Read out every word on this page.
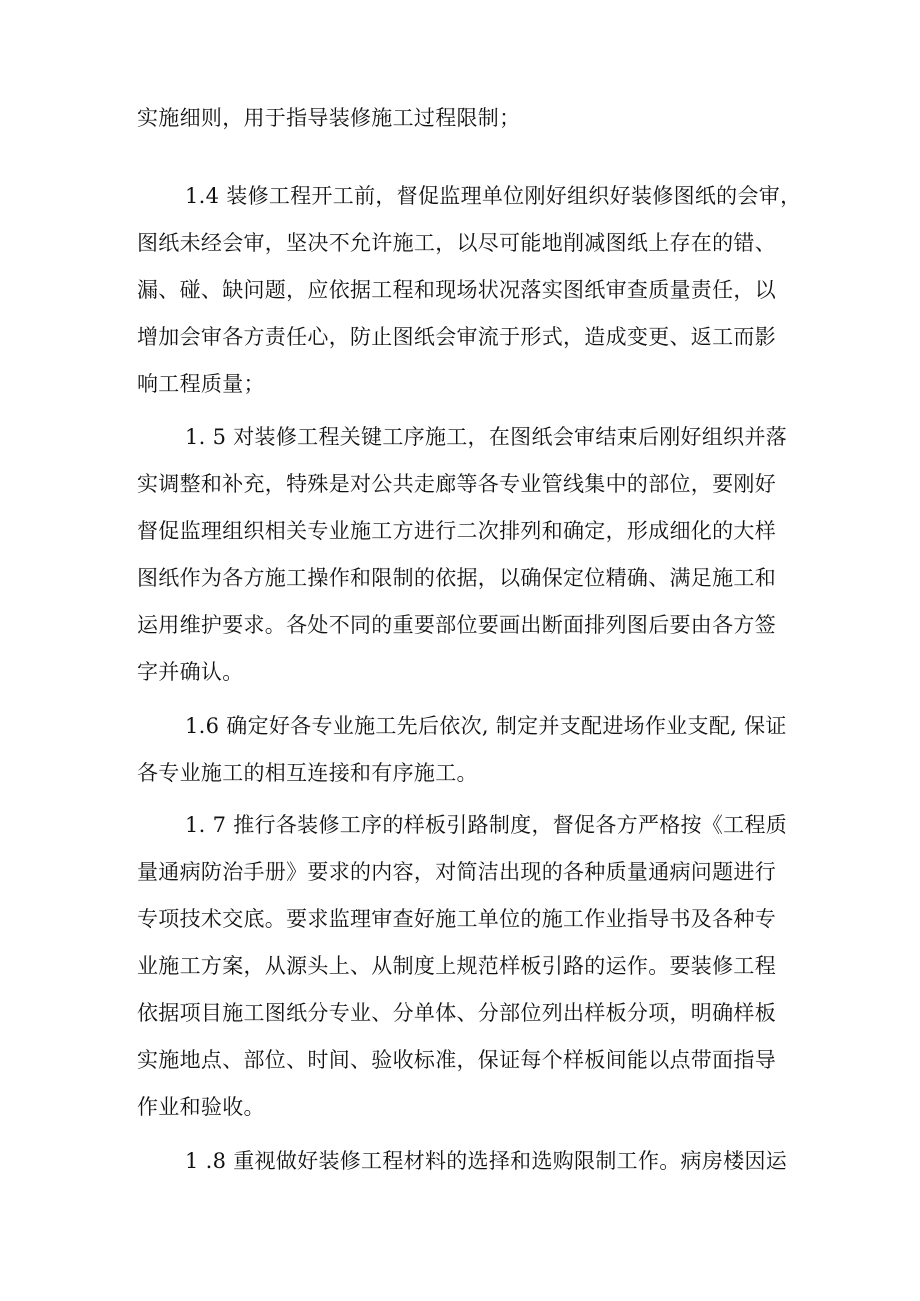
实施细则，用于指导装修施工过程限制；

1.4 装修工程开工前，督促监理单位刚好组织好装修图纸的会审，
图纸未经会审，坚决不允许施工，以尽可能地削减图纸上存在的错、
漏、碰、缺问题，应依据工程和现场状况落实图纸审查质量责任，以
增加会审各方责任心，防止图纸会审流于形式，造成变更、返工而影
响工程质量；

1. 5 对装修工程关键工序施工，在图纸会审结束后刚好组织并落
实调整和补充，特殊是对公共走廊等各专业管线集中的部位，要刚好
督促监理组织相关专业施工方进行二次排列和确定，形成细化的大样
图纸作为各方施工操作和限制的依据，以确保定位精确、满足施工和
运用维护要求。各处不同的重要部位要画出断面排列图后要由各方签
字并确认。

1.6 确定好各专业施工先后依次, 制定并支配进场作业支配, 保证
各专业施工的相互连接和有序施工。

1. 7 推行各装修工序的样板引路制度，督促各方严格按《工程质
量通病防治手册》要求的内容，对简洁出现的各种质量通病问题进行
专项技术交底。要求监理审查好施工单位的施工作业指导书及各种专
业施工方案，从源头上、从制度上规范样板引路的运作。要装修工程
依据项目施工图纸分专业、分单体、分部位列出样板分项，明确样板
实施地点、部位、时间、验收标准，保证每个样板间能以点带面指导
作业和验收。

1 .8 重视做好装修工程材料的选择和选购限制工作。病房楼因运
